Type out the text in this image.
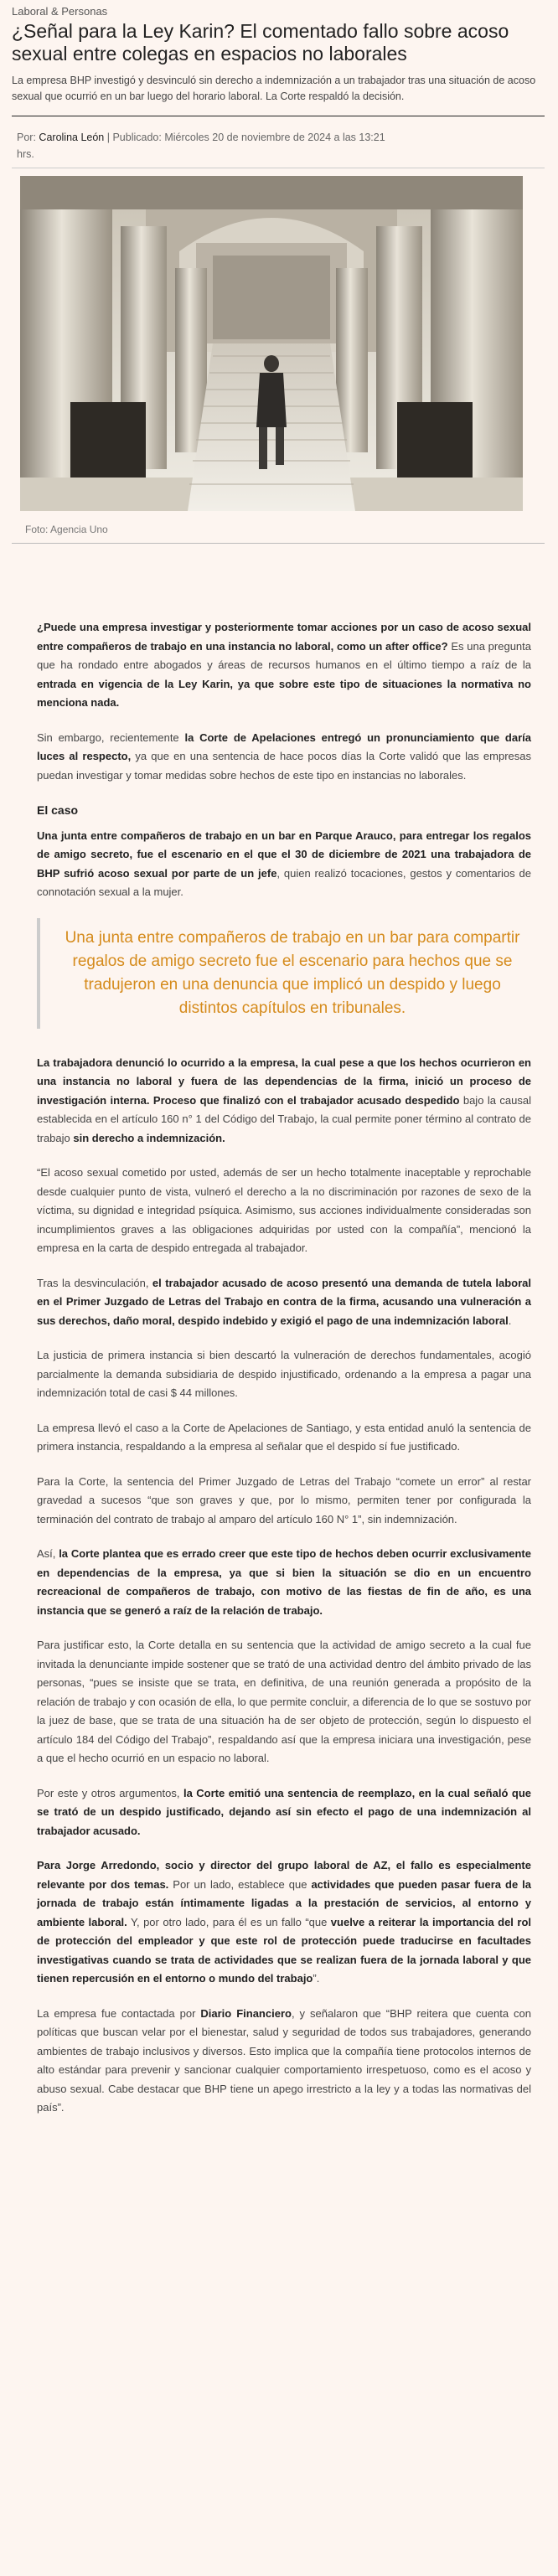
Laboral & Personas
¿Señal para la Ley Karin? El comentado fallo sobre acoso sexual entre colegas en espacios no laborales

La empresa BHP investigó y desvinculó sin derecho a indemnización a un trabajador tras una situación de acoso sexual que ocurrió en un bar luego del horario laboral. La Corte respaldó la decisión.

Por: Carolina León | Publicado: Miércoles 20 de noviembre de 2024 a las 13:21 hrs.
Foto: Agencia Uno

¿Puede una empresa investigar y posteriormente tomar acciones por un caso de acoso sexual entre compañeros de trabajo en una instancia no laboral, como un after office? Es una pregunta que ha rondado entre abogados y áreas de recursos humanos en el último tiempo a raíz de la entrada en vigencia de la Ley Karin, ya que sobre este tipo de situaciones la normativa no menciona nada.

Sin embargo, recientemente la Corte de Apelaciones entregó un pronunciamiento que daría luces al respecto, ya que en una sentencia de hace pocos días la Corte validó que las empresas puedan investigar y tomar medidas sobre hechos de este tipo en instancias no laborales.

El caso

Una junta entre compañeros de trabajo en un bar en Parque Arauco, para entregar los regalos de amigo secreto, fue el escenario en el que el 30 de diciembre de 2021 una trabajadora de BHP sufrió acoso sexual por parte de un jefe, quien realizó tocaciones, gestos y comentarios de connotación sexual a la mujer.

Una junta entre compañeros de trabajo en un bar para compartir regalos de amigo secreto fue el escenario para hechos que se tradujeron en una denuncia que implicó un despido y luego distintos capítulos en tribunales.

La trabajadora denunció lo ocurrido a la empresa, la cual pese a que los hechos ocurrieron en una instancia no laboral y fuera de las dependencias de la firma, inició un proceso de investigación interna. Proceso que finalizó con el trabajador acusado despedido bajo la causal establecida en el artículo 160 n° 1 del Código del Trabajo, la cual permite poner término al contrato de trabajo sin derecho a indemnización.

“El acoso sexual cometido por usted, además de ser un hecho totalmente inaceptable y reprochable desde cualquier punto de vista, vulneró el derecho a la no discriminación por razones de sexo de la víctima, su dignidad e integridad psíquica. Asimismo, sus acciones individualmente consideradas son incumplimientos graves a las obligaciones adquiridas por usted con la compañía”, mencionó la empresa en la carta de despido entregada al trabajador.

Tras la desvinculación, el trabajador acusado de acoso presentó una demanda de tutela laboral en el Primer Juzgado de Letras del Trabajo en contra de la firma, acusando una vulneración a sus derechos, daño moral, despido indebido y exigió el pago de una indemnización laboral.

La justicia de primera instancia si bien descartó la vulneración de derechos fundamentales, acogió parcialmente la demanda subsidiaria de despido injustificado, ordenando a la empresa a pagar una indemnización total de casi $ 44 millones.

La empresa llevó el caso a la Corte de Apelaciones de Santiago, y esta entidad anuló la sentencia de primera instancia, respaldando a la empresa al señalar que el despido sí fue justificado.

Para la Corte, la sentencia del Primer Juzgado de Letras del Trabajo “comete un error” al restar gravedad a sucesos “que son graves y que, por lo mismo, permiten tener por configurada la terminación del contrato de trabajo al amparo del artículo 160 N° 1”, sin indemnización.

Así, la Corte plantea que es errado creer que este tipo de hechos deben ocurrir exclusivamente en dependencias de la empresa, ya que si bien la situación se dio en un encuentro recreacional de compañeros de trabajo, con motivo de las fiestas de fin de año, es una instancia que se generó a raíz de la relación de trabajo.

Para justificar esto, la Corte detalla en su sentencia que la actividad de amigo secreto a la cual fue invitada la denunciante impide sostener que se trató de una actividad dentro del ámbito privado de las personas, “pues se insiste que se trata, en definitiva, de una reunión generada a propósito de la relación de trabajo y con ocasión de ella, lo que permite concluir, a diferencia de lo que se sostuvo por la juez de base, que se trata de una situación ha de ser objeto de protección, según lo dispuesto el artículo 184 del Código del Trabajo”, respaldando así que la empresa iniciara una investigación, pese a que el hecho ocurrió en un espacio no laboral.

Por este y otros argumentos, la Corte emitió una sentencia de reemplazo, en la cual señaló que se trató de un despido justificado, dejando así sin efecto el pago de una indemnización al trabajador acusado.

Para Jorge Arredondo, socio y director del grupo laboral de AZ, el fallo es especialmente relevante por dos temas. Por un lado, establece que actividades que pueden pasar fuera de la jornada de trabajo están íntimamente ligadas a la prestación de servicios, al entorno y ambiente laboral. Y, por otro lado, para él es un fallo “que vuelve a reiterar la importancia del rol de protección del empleador y que este rol de protección puede traducirse en facultades investigativas cuando se trata de actividades que se realizan fuera de la jornada laboral y que tienen repercusión en el entorno o mundo del trabajo”.

La empresa fue contactada por Diario Financiero, y señalaron que “BHP reitera que cuenta con políticas que buscan velar por el bienestar, salud y seguridad de todos sus trabajadores, generando ambientes de trabajo inclusivos y diversos. Esto implica que la compañía tiene protocolos internos de alto estándar para prevenir y sancionar cualquier comportamiento irrespetuoso, como es el acoso y abuso sexual. Cabe destacar que BHP tiene un apego irrestricto a la ley y a todas las normativas del país”.
